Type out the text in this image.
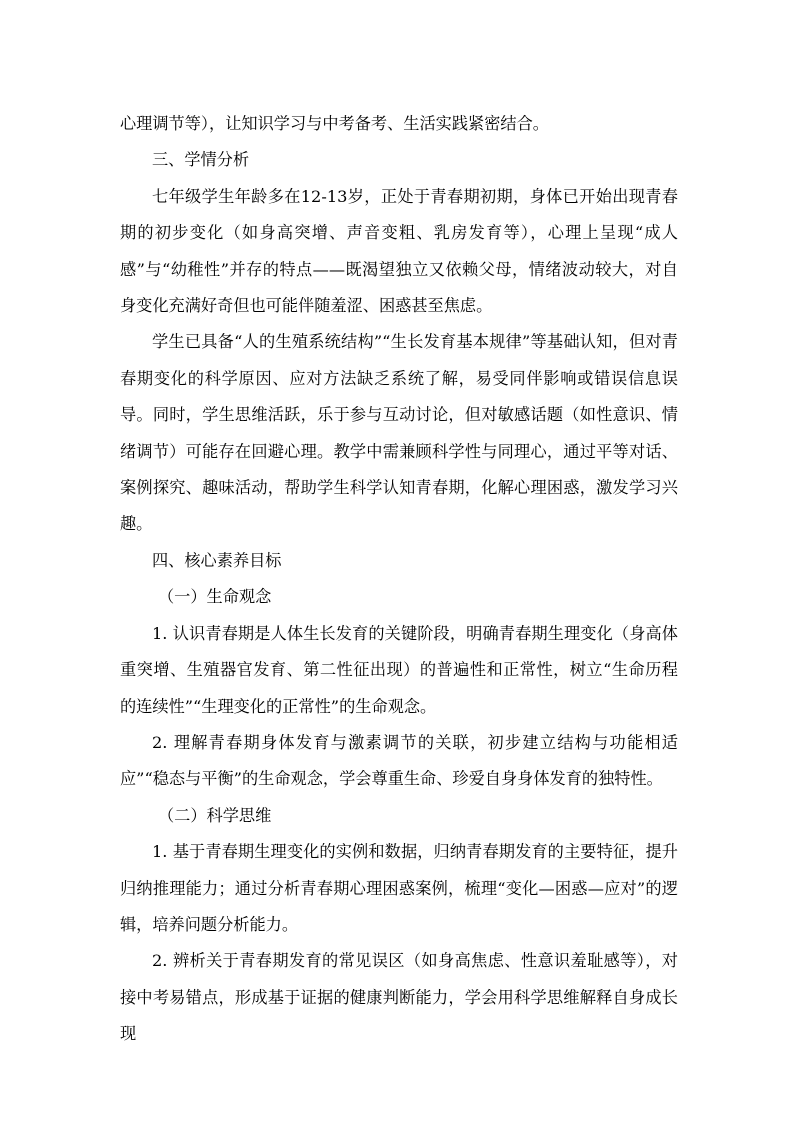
心理调节等），让知识学习与中考备考、生活实践紧密结合。

三、学情分析

七年级学生年龄多在12-13岁，正处于青春期初期，身体已开始出现青春期的初步变化（如身高突增、声音变粗、乳房发育等），心理上呈现“成人感”与“幼稚性”并存的特点——既渴望独立又依赖父母，情绪波动较大，对自身变化充满好奇但也可能伴随羞涩、困惑甚至焦虑。

学生已具备“人的生殖系统结构”“生长发育基本规律”等基础认知，但对青春期变化的科学原因、应对方法缺乏系统了解，易受同伴影响或错误信息误导。同时，学生思维活跃，乐于参与互动讨论，但对敏感话题（如性意识、情绪调节）可能存在回避心理。教学中需兼顾科学性与同理心，通过平等对话、案例探究、趣味活动，帮助学生科学认知青春期，化解心理困惑，激发学习兴趣。

四、核心素养目标

（一）生命观念

1. 认识青春期是人体生长发育的关键阶段，明确青春期生理变化（身高体重突增、生殖器官发育、第二性征出现）的普遍性和正常性，树立“生命历程的连续性”“生理变化的正常性”的生命观念。

2. 理解青春期身体发育与激素调节的关联，初步建立结构与功能相适应”“稳态与平衡”的生命观念，学会尊重生命、珍爱自身身体发育的独特性。

（二）科学思维

1. 基于青春期生理变化的实例和数据，归纳青春期发育的主要特征，提升归纳推理能力；通过分析青春期心理困惑案例，梳理“变化—困惑—应对”的逻辑，培养问题分析能力。

2. 辨析关于青春期发育的常见误区（如身高焦虑、性意识羞耻感等），对接中考易错点，形成基于证据的健康判断能力，学会用科学思维解释自身成长现
